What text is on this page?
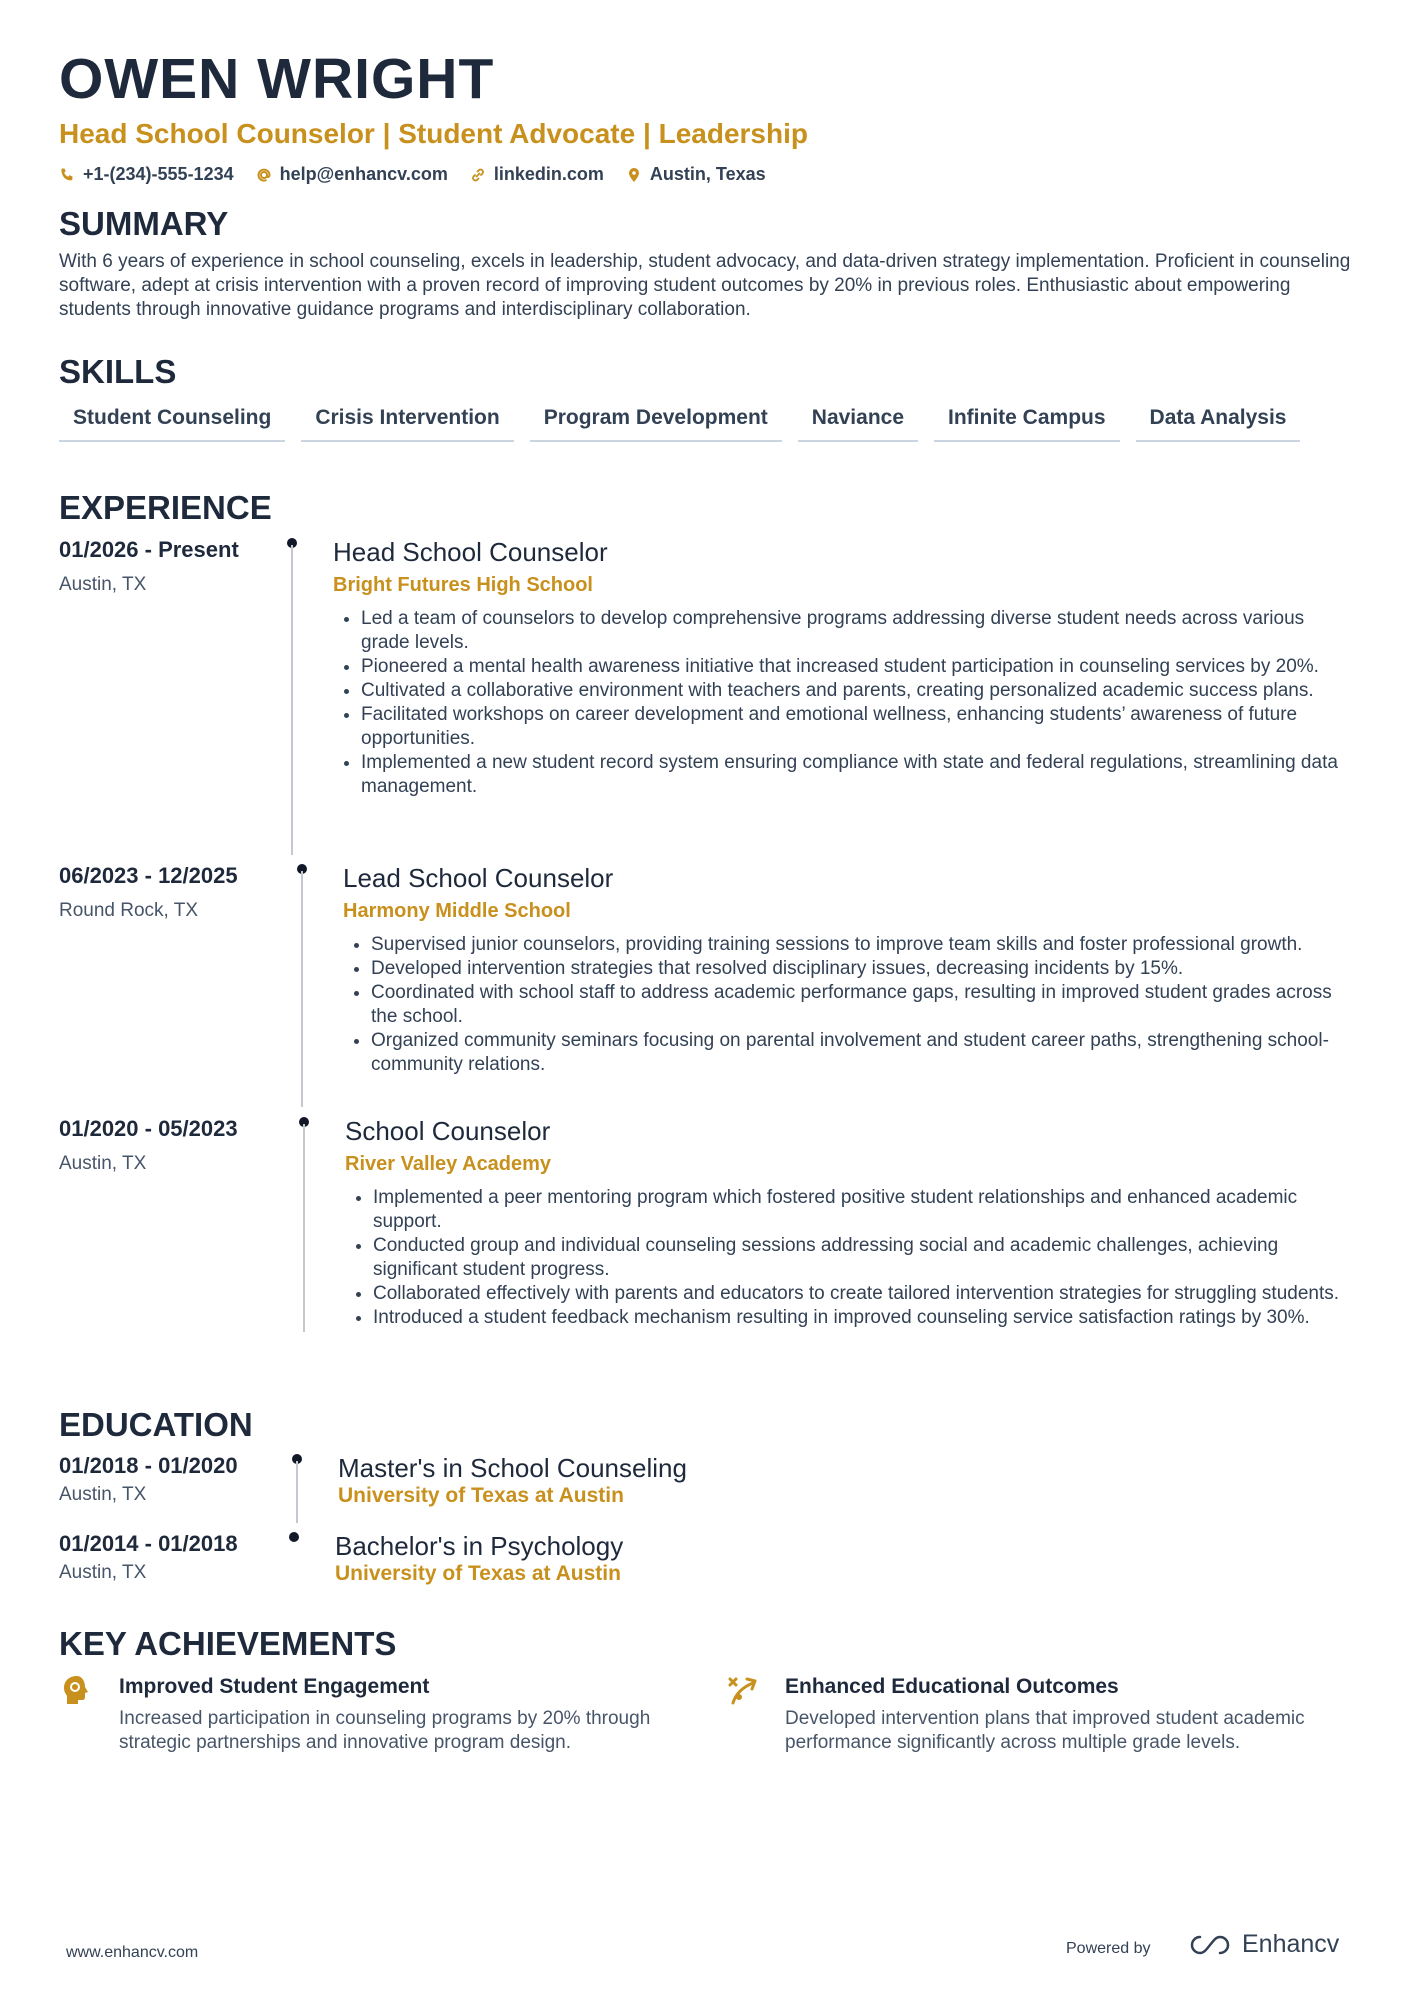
OWEN WRIGHT
Head School Counselor | Student Advocate | Leadership
+1-(234)-555-1234	help@enhancv.com	linkedin.com	Austin, Texas
SUMMARY
With 6 years of experience in school counseling, excels in leadership, student advocacy, and data-driven strategy implementation. Proficient in counseling software, adept at crisis intervention with a proven record of improving student outcomes by 20% in previous roles. Enthusiastic about empowering students through innovative guidance programs and interdisciplinary collaboration.
SKILLS
Student Counseling	Crisis Intervention	Program Development	Naviance	Infinite Campus	Data Analysis
EXPERIENCE
01/2026 - Present
Austin, TX
Head School Counselor
Bright Futures High School
• Led a team of counselors to develop comprehensive programs addressing diverse student needs across various grade levels.
• Pioneered a mental health awareness initiative that increased student participation in counseling services by 20%.
• Cultivated a collaborative environment with teachers and parents, creating personalized academic success plans.
• Facilitated workshops on career development and emotional wellness, enhancing students’ awareness of future opportunities.
• Implemented a new student record system ensuring compliance with state and federal regulations, streamlining data management.
06/2023 - 12/2025
Round Rock, TX
Lead School Counselor
Harmony Middle School
• Supervised junior counselors, providing training sessions to improve team skills and foster professional growth.
• Developed intervention strategies that resolved disciplinary issues, decreasing incidents by 15%.
• Coordinated with school staff to address academic performance gaps, resulting in improved student grades across the school.
• Organized community seminars focusing on parental involvement and student career paths, strengthening school-community relations.
01/2020 - 05/2023
Austin, TX
School Counselor
River Valley Academy
• Implemented a peer mentoring program which fostered positive student relationships and enhanced academic support.
• Conducted group and individual counseling sessions addressing social and academic challenges, achieving significant student progress.
• Collaborated effectively with parents and educators to create tailored intervention strategies for struggling students.
• Introduced a student feedback mechanism resulting in improved counseling service satisfaction ratings by 30%.
EDUCATION
01/2018 - 01/2020
Austin, TX
Master's in School Counseling
University of Texas at Austin
01/2014 - 01/2018
Austin, TX
Bachelor's in Psychology
University of Texas at Austin
KEY ACHIEVEMENTS
Improved Student Engagement
Increased participation in counseling programs by 20% through strategic partnerships and innovative program design.
Enhanced Educational Outcomes
Developed intervention plans that improved student academic performance significantly across multiple grade levels.
www.enhancv.com	Powered by	Enhancv
